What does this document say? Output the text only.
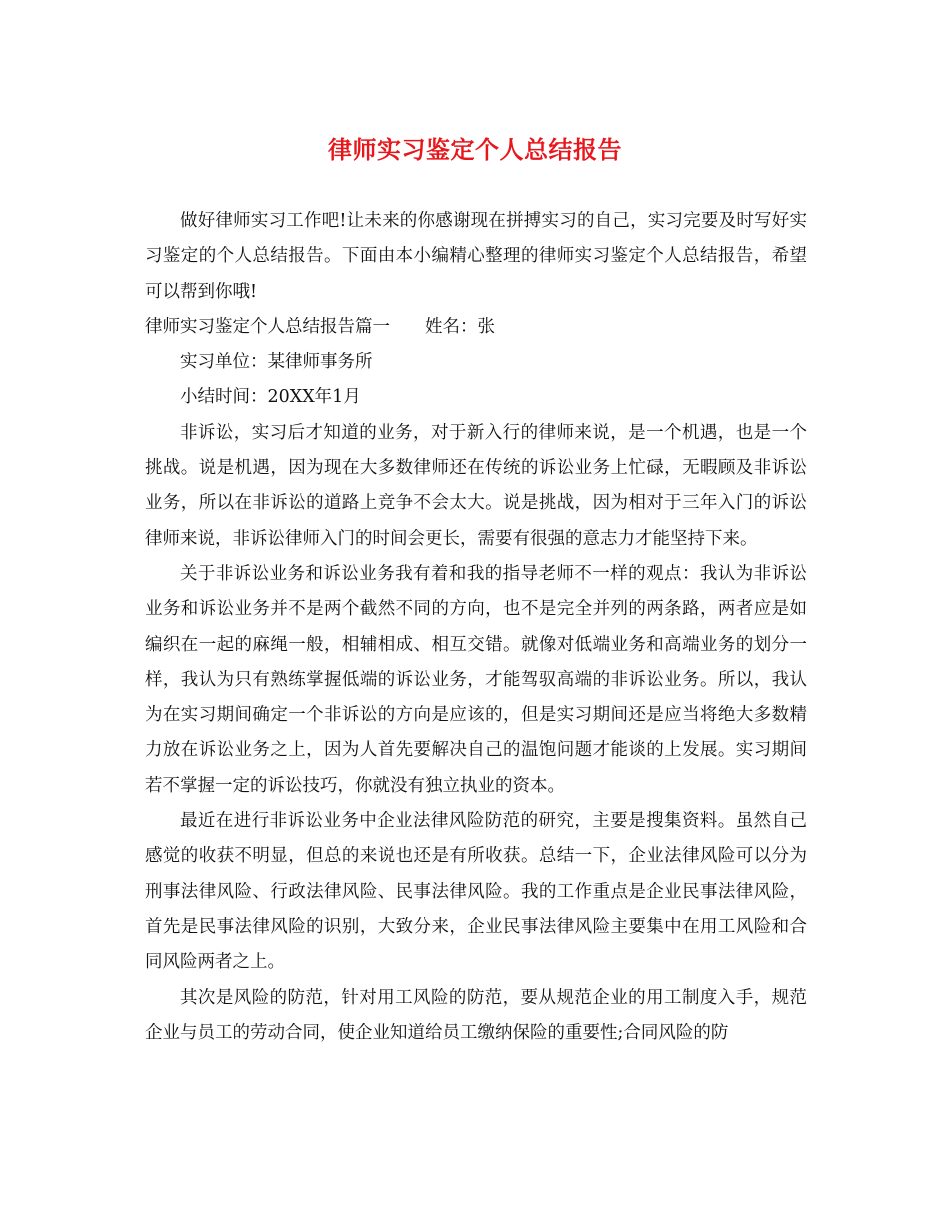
律师实习鉴定个人总结报告

做好律师实习工作吧!让未来的你感谢现在拼搏实习的自己，实习完要及时写好实习鉴定的个人总结报告。下面由本小编精心整理的律师实习鉴定个人总结报告，希望可以帮到你哦!

律师实习鉴定个人总结报告篇一 姓名：张

实习单位：某律师事务所

小结时间：20XX年1月

非诉讼，实习后才知道的业务，对于新入行的律师来说，是一个机遇，也是一个挑战。说是机遇，因为现在大多数律师还在传统的诉讼业务上忙碌，无暇顾及非诉讼业务，所以在非诉讼的道路上竞争不会太大。说是挑战，因为相对于三年入门的诉讼律师来说，非诉讼律师入门的时间会更长，需要有很强的意志力才能坚持下来。

关于非诉讼业务和诉讼业务我有着和我的指导老师不一样的观点：我认为非诉讼业务和诉讼业务并不是两个截然不同的方向，也不是完全并列的两条路，两者应是如编织在一起的麻绳一般，相辅相成、相互交错。就像对低端业务和高端业务的划分一样，我认为只有熟练掌握低端的诉讼业务，才能驾驭高端的非诉讼业务。所以，我认为在实习期间确定一个非诉讼的方向是应该的，但是实习期间还是应当将绝大多数精力放在诉讼业务之上，因为人首先要解决自己的温饱问题才能谈的上发展。实习期间若不掌握一定的诉讼技巧，你就没有独立执业的资本。

最近在进行非诉讼业务中企业法律风险防范的研究，主要是搜集资料。虽然自己感觉的收获不明显，但总的来说也还是有所收获。总结一下，企业法律风险可以分为刑事法律风险、行政法律风险、民事法律风险。我的工作重点是企业民事法律风险，首先是民事法律风险的识别，大致分来，企业民事法律风险主要集中在用工风险和合同风险两者之上。

其次是风险的防范，针对用工风险的防范，要从规范企业的用工制度入手，规范企业与员工的劳动合同，使企业知道给员工缴纳保险的重要性;合同风险的防
